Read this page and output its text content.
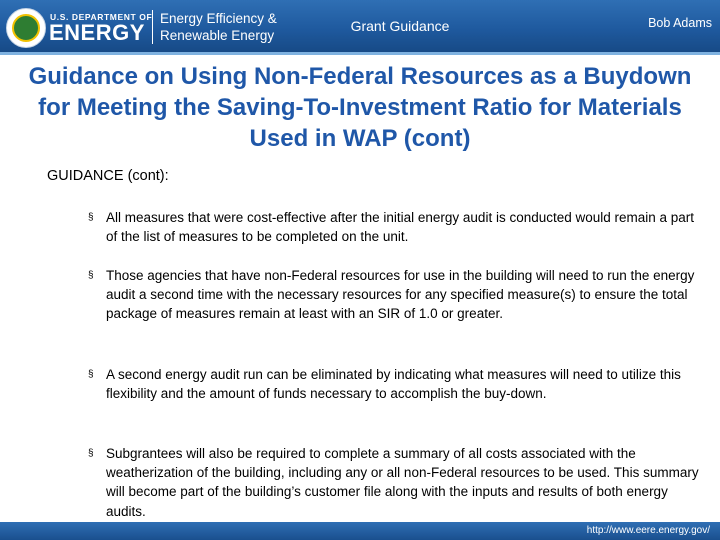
U.S. DEPARTMENT OF
ENERGY
Energy Efficiency &
Renewable Energy
Grant Guidance	Bob Adams
Guidance on Using Non-Federal Resources as a Buydown for Meeting the Saving-To-Investment Ratio for Materials Used in WAP (cont)
GUIDANCE (cont):
§ All measures that were cost-effective after the initial energy audit is conducted would remain a part of the list of measures to be completed on the unit.
§ Those agencies that have non-Federal resources for use in the building will need to run the energy audit a second time with the necessary resources for any specified measure(s) to ensure the total package of measures remain at least with an SIR of 1.0 or greater.
§ A second energy audit run can be eliminated by indicating what measures will need to utilize this flexibility and the amount of funds necessary to accomplish the buy-down.
§ Subgrantees will also be required to complete a summary of all costs associated with the weatherization of the building, including any or all non-Federal resources to be used. This summary will become part of the building’s customer file along with the inputs and results of both energy audits.
http://www.eere.energy.gov/
